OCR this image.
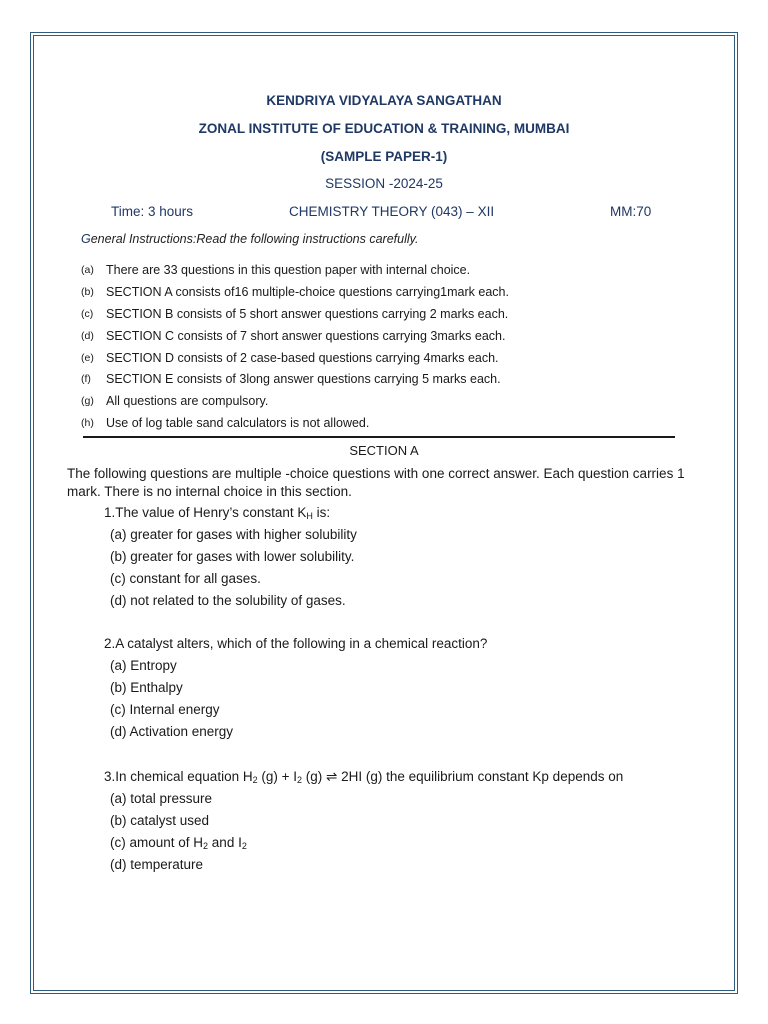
KENDRIYA VIDYALAYA SANGATHAN
ZONAL INSTITUTE OF EDUCATION & TRAINING, MUMBAI
(SAMPLE PAPER-1)
SESSION -2024-25
Time: 3 hours	CHEMISTRY THEORY (043) – XII	MM:70
General Instructions:Read the following instructions carefully.
(a) There are 33 questions in this question paper with internal choice.
(b) SECTION A consists of16 multiple-choice questions carrying1mark each.
(c)	SECTION B consists of 5 short answer questions carrying 2 marks each.
(d) SECTION C consists of 7 short answer questions carrying 3marks each.
(e) SECTION D consists of 2 case-based questions carrying 4marks each.
(f)	SECTION E consists of 3long answer questions carrying 5 marks each.
(g) All questions are compulsory.
(h) Use of log table sand calculators is not allowed.
SECTION A
The following questions are multiple -choice questions with one correct answer. Each question carries 1 mark. There is no internal choice in this section.
1.The value of Henry’s constant $K_H$ is:
(a) greater for gases with higher solubility
(b) greater for gases with lower solubility.
(c) constant for all gases.
(d) not related to the solubility of gases.
2.A catalyst alters, which of the following in a chemical reaction?
(a) Entropy
(b) Enthalpy
(c) Internal energy
(d) Activation energy
3.In chemical equation $H_2$ $(g) + I_2$ (g) ⇌ 2HI (g) the equilibrium constant Kp depends on
(a) total pressure
(b) catalyst used
(c) amount of $H_2$ and $I_2$
(d) temperature
